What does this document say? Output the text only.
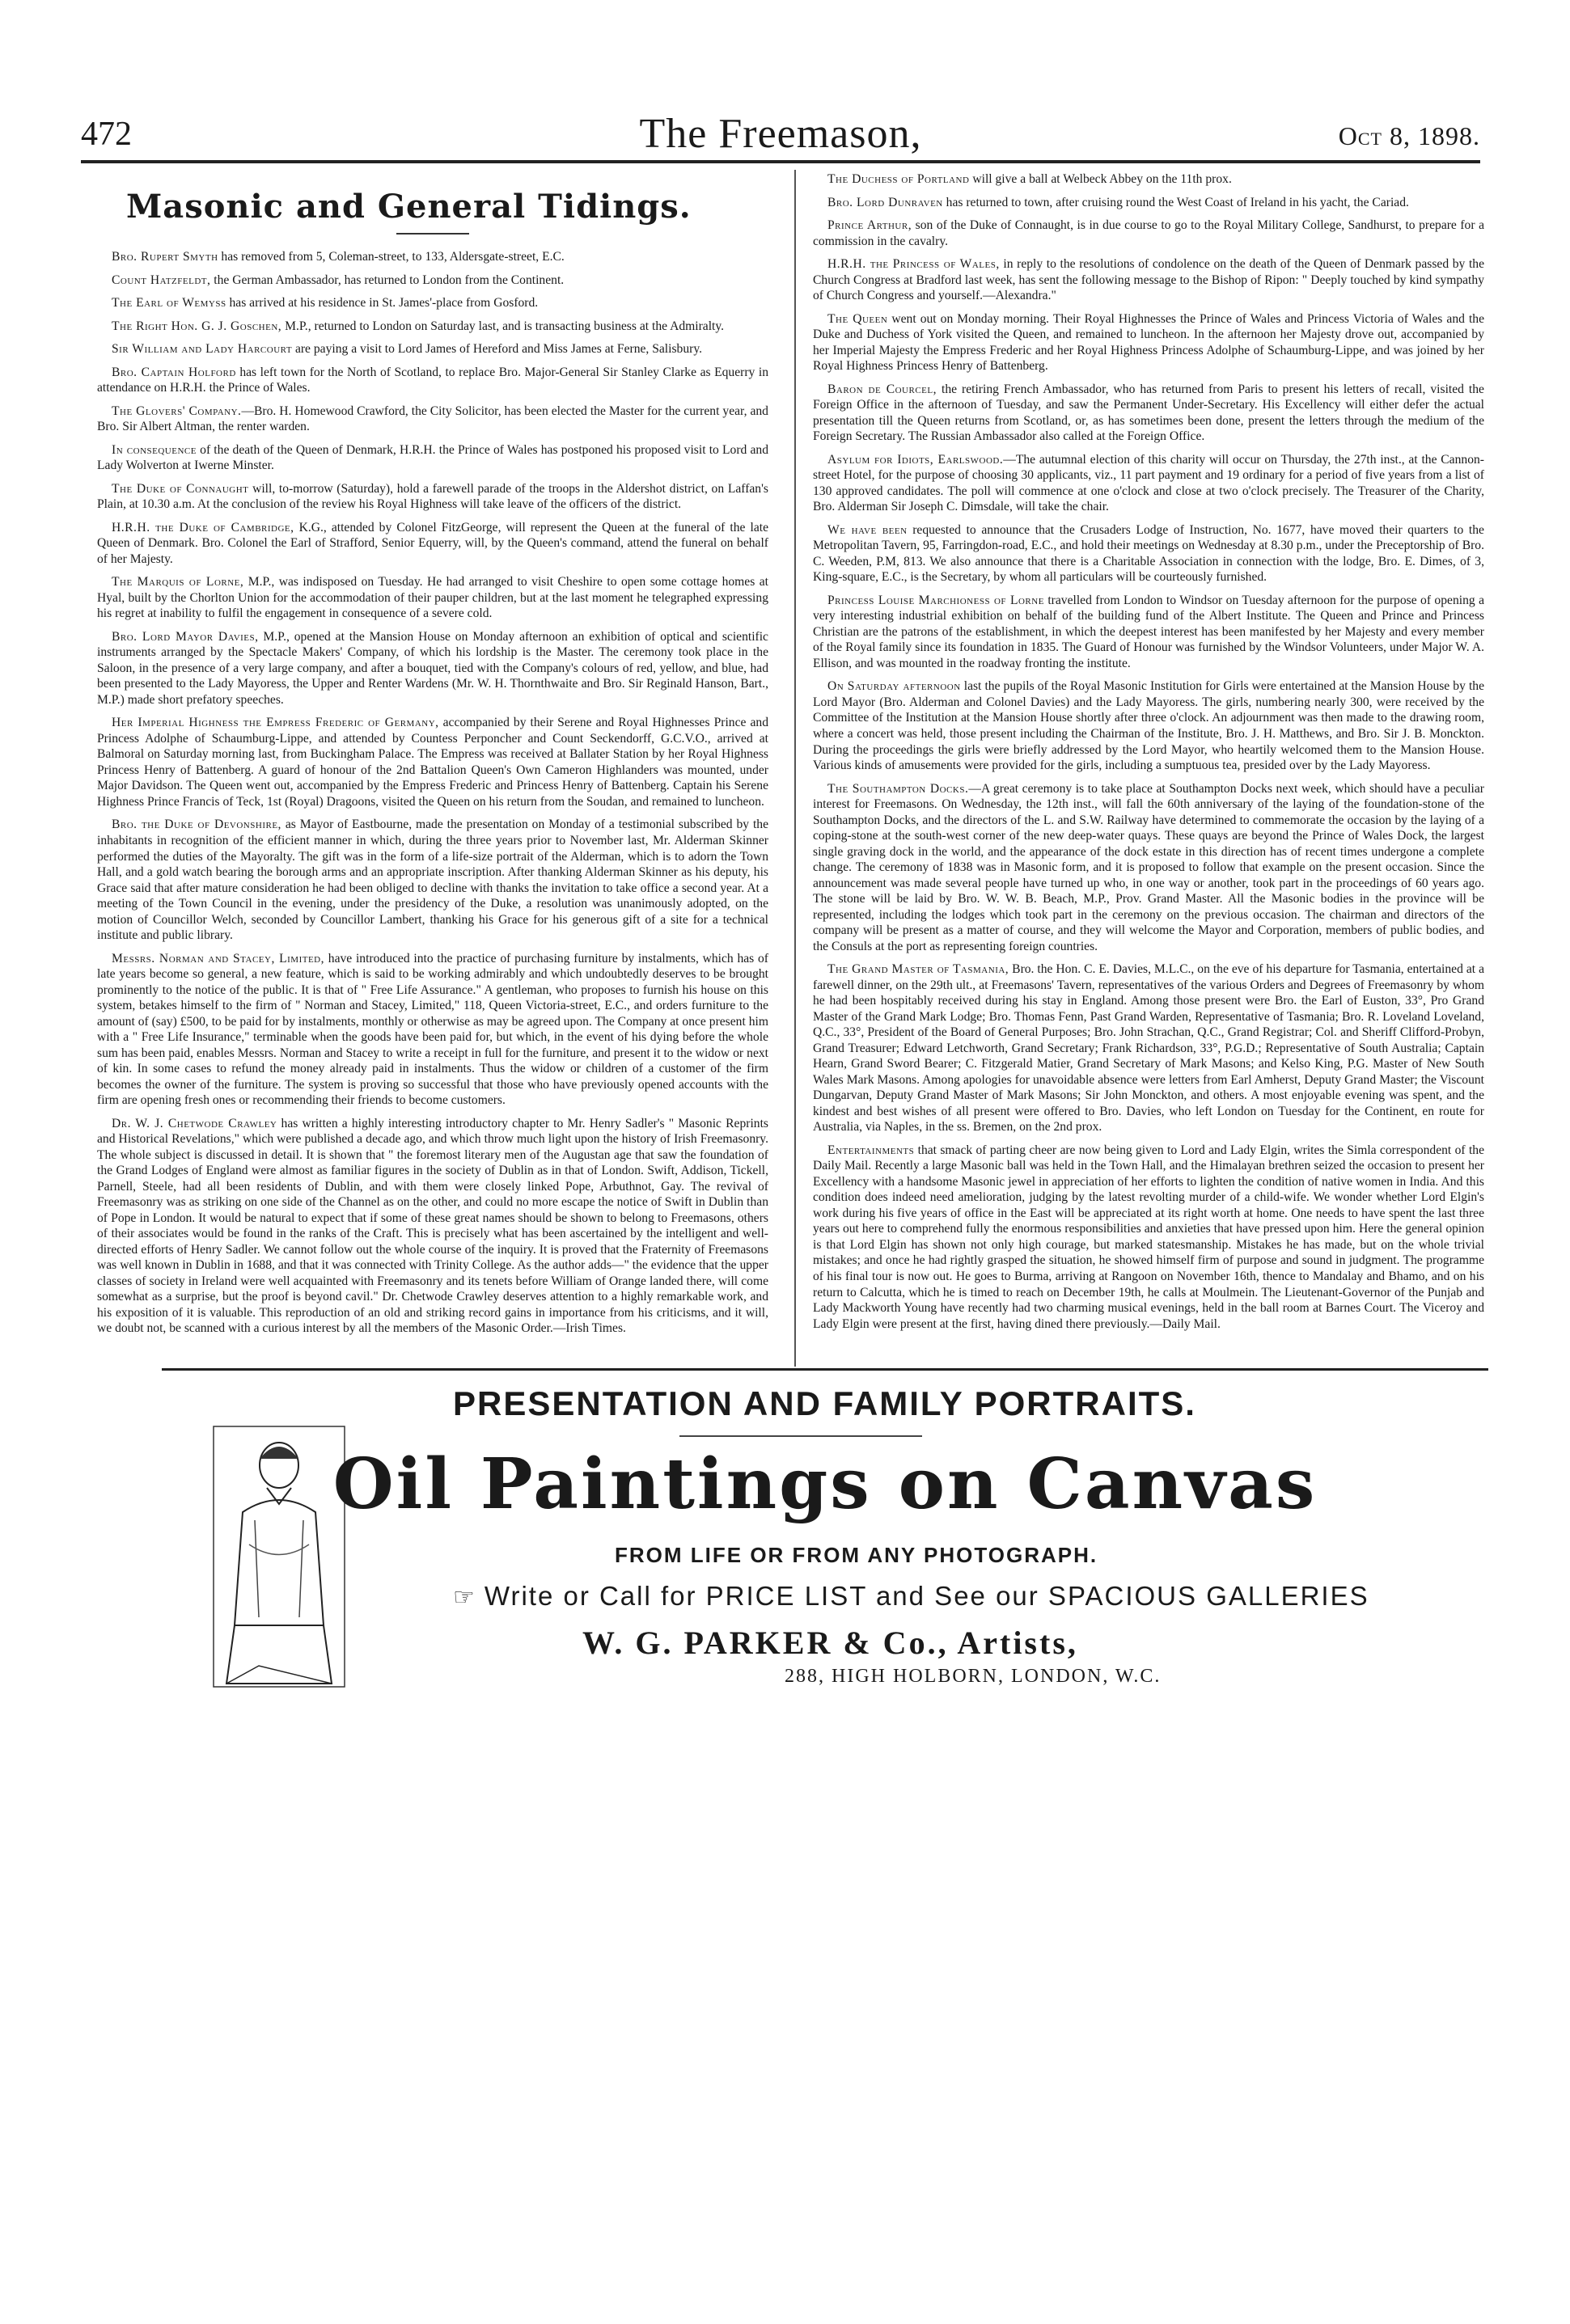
472	The Freemason,	Oct 8, 1898.
Masonic and General Tidings.

Bro. Rupert Smyth has removed from 5, Coleman-street, to 133, Aldersgate-street, E.C.

Count Hatzfeldt, the German Ambassador, has returned to London from the Continent.

The Earl of Wemyss has arrived at his residence in St. James'-place from Gosford.

The Right Hon. G. J. Goschen, M.P., returned to London on Saturday last, and is transacting business at the Admiralty.

Sir William and Lady Harcourt are paying a visit to Lord James of Hereford and Miss James at Ferne, Salisbury.

Bro. Captain Holford has left town for the North of Scotland, to replace Bro. Major-General Sir Stanley Clarke as Equerry in attendance on H.R.H. the Prince of Wales.

The Glovers' Company.—Bro. H. Homewood Crawford, the City Solicitor, has been elected the Master for the current year, and Bro. Sir Albert Altman, the renter warden.

In consequence of the death of the Queen of Denmark, H.R.H. the Prince of Wales has postponed his proposed visit to Lord and Lady Wolverton at Iwerne Minster.

The Duke of Connaught will, to-morrow (Saturday), hold a farewell parade of the troops in the Aldershot district, on Laffan's Plain, at 10.30 a.m. At the conclusion of the review his Royal Highness will take leave of the officers of the district.

H.R.H. the Duke of Cambridge, K.G., attended by Colonel FitzGeorge, will represent the Queen at the funeral of the late Queen of Denmark. Bro. Colonel the Earl of Strafford, Senior Equerry, will, by the Queen's command, attend the funeral on behalf of her Majesty.

The Marquis of Lorne, M.P., was indisposed on Tuesday. He had arranged to visit Cheshire to open some cottage homes at Hyal, built by the Chorlton Union for the accommodation of their pauper children, but at the last moment he telegraphed expressing his regret at inability to fulfil the engagement in consequence of a severe cold.

Bro. Lord Mayor Davies, M.P., opened at the Mansion House on Monday afternoon an exhibition of optical and scientific instruments arranged by the Spectacle Makers' Company, of which his lordship is the Master. The ceremony took place in the Saloon, in the presence of a very large company, and after a bouquet, tied with the Company's colours of red, yellow, and blue, had been presented to the Lady Mayoress, the Upper and Renter Wardens (Mr. W. H. Thornthwaite and Bro. Sir Reginald Hanson, Bart., M.P.) made short prefatory speeches.

Her Imperial Highness the Empress Frederic of Germany, accompanied by their Serene and Royal Highnesses Prince and Princess Adolphe of Schaumburg-Lippe, and attended by Countess Perponcher and Count Seckendorff, G.C.V.O., arrived at Balmoral on Saturday morning last, from Buckingham Palace. The Empress was received at Ballater Station by her Royal Highness Princess Henry of Battenberg. A guard of honour of the 2nd Battalion Queen's Own Cameron Highlanders was mounted, under Major Davidson. The Queen went out, accompanied by the Empress Frederic and Princess Henry of Battenberg. Captain his Serene Highness Prince Francis of Teck, 1st (Royal) Dragoons, visited the Queen on his return from the Soudan, and remained to luncheon.

Bro. the Duke of Devonshire, as Mayor of Eastbourne, made the presentation on Monday of a testimonial subscribed by the inhabitants in recognition of the efficient manner in which, during the three years prior to November last, Mr. Alderman Skinner performed the duties of the Mayoralty. The gift was in the form of a life-size portrait of the Alderman, which is to adorn the Town Hall, and a gold watch bearing the borough arms and an appropriate inscription. After thanking Alderman Skinner as his deputy, his Grace said that after mature consideration he had been obliged to decline with thanks the invitation to take office a second year. At a meeting of the Town Council in the evening, under the presidency of the Duke, a resolution was unanimously adopted, on the motion of Councillor Welch, seconded by Councillor Lambert, thanking his Grace for his generous gift of a site for a technical institute and public library.

Messrs. Norman and Stacey, Limited, have introduced into the practice of purchasing furniture by instalments, which has of late years become so general, a new feature, which is said to be working admirably and which undoubtedly deserves to be brought prominently to the notice of the public. It is that of " Free Life Assurance." A gentleman, who proposes to furnish his house on this system, betakes himself to the firm of " Norman and Stacey, Limited," 118, Queen Victoria-street, E.C., and orders furniture to the amount of (say) £500, to be paid for by instalments, monthly or otherwise as may be agreed upon. The Company at once present him with a " Free Life Insurance," terminable when the goods have been paid for, but which, in the event of his dying before the whole sum has been paid, enables Messrs. Norman and Stacey to write a receipt in full for the furniture, and present it to the widow or next of kin. In some cases to refund the money already paid in instalments. Thus the widow or children of a customer of the firm becomes the owner of the furniture. The system is proving so successful that those who have previously opened accounts with the firm are opening fresh ones or recommending their friends to become customers.

Dr. W. J. Chetwode Crawley has written a highly interesting introductory chapter to Mr. Henry Sadler's " Masonic Reprints and Historical Revelations," which were published a decade ago, and which throw much light upon the history of Irish Freemasonry. The whole subject is discussed in detail. It is shown that " the foremost literary men of the Augustan age that saw the foundation of the Grand Lodges of England were almost as familiar figures in the society of Dublin as in that of London. Swift, Addison, Tickell, Parnell, Steele, had all been residents of Dublin, and with them were closely linked Pope, Arbuthnot, Gay. The revival of Freemasonry was as striking on one side of the Channel as on the other, and could no more escape the notice of Swift in Dublin than of Pope in London. It would be natural to expect that if some of these great names should be shown to belong to Freemasons, others of their associates would be found in the ranks of the Craft. This is precisely what has been ascertained by the intelligent and well-directed efforts of Henry Sadler. We cannot follow out the whole course of the inquiry. It is proved that the Fraternity of Freemasons was well known in Dublin in 1688, and that it was connected with Trinity College. As the author adds—" the evidence that the upper classes of society in Ireland were well acquainted with Freemasonry and its tenets before William of Orange landed there, will come somewhat as a surprise, but the proof is beyond cavil." Dr. Chetwode Crawley deserves attention to a highly remarkable work, and his exposition of it is valuable. This reproduction of an old and striking record gains in importance from his criticisms, and it will, we doubt not, be scanned with a curious interest by all the members of the Masonic Order.—Irish Times.

The Duchess of Portland will give a ball at Welbeck Abbey on the 11th prox.

Bro. Lord Dunraven has returned to town, after cruising round the West Coast of Ireland in his yacht, the Cariad.

Prince Arthur, son of the Duke of Connaught, is in due course to go to the Royal Military College, Sandhurst, to prepare for a commission in the cavalry.

H.R.H. the Princess of Wales, in reply to the resolutions of condolence on the death of the Queen of Denmark passed by the Church Congress at Bradford last week, has sent the following message to the Bishop of Ripon: " Deeply touched by kind sympathy of Church Congress and yourself.—Alexandra."

The Queen went out on Monday morning. Their Royal Highnesses the Prince of Wales and Princess Victoria of Wales and the Duke and Duchess of York visited the Queen, and remained to luncheon. In the afternoon her Majesty drove out, accompanied by her Imperial Majesty the Empress Frederic and her Royal Highness Princess Adolphe of Schaumburg-Lippe, and was joined by her Royal Highness Princess Henry of Battenberg.

Baron de Courcel, the retiring French Ambassador, who has returned from Paris to present his letters of recall, visited the Foreign Office in the afternoon of Tuesday, and saw the Permanent Under-Secretary. His Excellency will either defer the actual presentation till the Queen returns from Scotland, or, as has sometimes been done, present the letters through the medium of the Foreign Secretary. The Russian Ambassador also called at the Foreign Office.

Asylum for Idiots, Earlswood.—The autumnal election of this charity will occur on Thursday, the 27th inst., at the Cannon-street Hotel, for the purpose of choosing 30 applicants, viz., 11 part payment and 19 ordinary for a period of five years from a list of 130 approved candidates. The poll will commence at one o'clock and close at two o'clock precisely. The Treasurer of the Charity, Bro. Alderman Sir Joseph C. Dimsdale, will take the chair.

We have been requested to announce that the Crusaders Lodge of Instruction, No. 1677, have moved their quarters to the Metropolitan Tavern, 95, Farringdon-road, E.C., and hold their meetings on Wednesday at 8.30 p.m., under the Preceptorship of Bro. C. Weeden, P.M, 813. We also announce that there is a Charitable Association in connection with the lodge, Bro. E. Dimes, of 3, King-square, E.C., is the Secretary, by whom all particulars will be courteously furnished.

Princess Louise Marchioness of Lorne travelled from London to Windsor on Tuesday afternoon for the purpose of opening a very interesting industrial exhibition on behalf of the building fund of the Albert Institute. The Queen and Prince and Princess Christian are the patrons of the establishment, in which the deepest interest has been manifested by her Majesty and every member of the Royal family since its foundation in 1835. The Guard of Honour was furnished by the Windsor Volunteers, under Major W. A. Ellison, and was mounted in the roadway fronting the institute.

On Saturday afternoon last the pupils of the Royal Masonic Institution for Girls were entertained at the Mansion House by the Lord Mayor (Bro. Alderman and Colonel Davies) and the Lady Mayoress. The girls, numbering nearly 300, were received by the Committee of the Institution at the Mansion House shortly after three o'clock. An adjournment was then made to the drawing room, where a concert was held, those present including the Chairman of the Institute, Bro. J. H. Matthews, and Bro. Sir J. B. Monckton. During the proceedings the girls were briefly addressed by the Lord Mayor, who heartily welcomed them to the Mansion House. Various kinds of amusements were provided for the girls, including a sumptuous tea, presided over by the Lady Mayoress.

The Southampton Docks.—A great ceremony is to take place at Southampton Docks next week, which should have a peculiar interest for Freemasons. On Wednesday, the 12th inst., will fall the 60th anniversary of the laying of the foundation-stone of the Southampton Docks, and the directors of the L. and S.W. Railway have determined to commemorate the occasion by the laying of a coping-stone at the south-west corner of the new deep-water quays. These quays are beyond the Prince of Wales Dock, the largest single graving dock in the world, and the appearance of the dock estate in this direction has of recent times undergone a complete change. The ceremony of 1838 was in Masonic form, and it is proposed to follow that example on the present occasion. Since the announcement was made several people have turned up who, in one way or another, took part in the proceedings of 60 years ago. The stone will be laid by Bro. W. W. B. Beach, M.P., Prov. Grand Master. All the Masonic bodies in the province will be represented, including the lodges which took part in the ceremony on the previous occasion. The chairman and directors of the company will be present as a matter of course, and they will welcome the Mayor and Corporation, members of public bodies, and the Consuls at the port as representing foreign countries.

The Grand Master of Tasmania, Bro. the Hon. C. E. Davies, M.L.C., on the eve of his departure for Tasmania, entertained at a farewell dinner, on the 29th ult., at Freemasons' Tavern, representatives of the various Orders and Degrees of Freemasonry by whom he had been hospitably received during his stay in England. Among those present were Bro. the Earl of Euston, 33°, Pro Grand Master of the Grand Mark Lodge; Bro. Thomas Fenn, Past Grand Warden, Representative of Tasmania; Bro. R. Loveland Loveland, Q.C., 33°, President of the Board of General Purposes; Bro. John Strachan, Q.C., Grand Registrar; Col. and Sheriff Clifford-Probyn, Grand Treasurer; Edward Letchworth, Grand Secretary; Frank Richardson, 33°, P.G.D.; Representative of South Australia; Captain Hearn, Grand Sword Bearer; C. Fitzgerald Matier, Grand Secretary of Mark Masons; and Kelso King, P.G. Master of New South Wales Mark Masons. Among apologies for unavoidable absence were letters from Earl Amherst, Deputy Grand Master; the Viscount Dungarvan, Deputy Grand Master of Mark Masons; Sir John Monckton, and others. A most enjoyable evening was spent, and the kindest and best wishes of all present were offered to Bro. Davies, who left London on Tuesday for the Continent, en route for Australia, via Naples, in the ss. Bremen, on the 2nd prox.

Entertainments that smack of parting cheer are now being given to Lord and Lady Elgin, writes the Simla correspondent of the Daily Mail. Recently a large Masonic ball was held in the Town Hall, and the Himalayan brethren seized the occasion to present her Excellency with a handsome Masonic jewel in appreciation of her efforts to lighten the condition of native women in India. And this condition does indeed need amelioration, judging by the latest revolting murder of a child-wife. We wonder whether Lord Elgin's work during his five years of office in the East will be appreciated at its right worth at home. One needs to have spent the last three years out here to comprehend fully the enormous responsibilities and anxieties that have pressed upon him. Here the general opinion is that Lord Elgin has shown not only high courage, but marked statesmanship. Mistakes he has made, but on the whole trivial mistakes; and once he had rightly grasped the situation, he showed himself firm of purpose and sound in judgment. The programme of his final tour is now out. He goes to Burma, arriving at Rangoon on November 16th, thence to Mandalay and Bhamo, and on his return to Calcutta, which he is timed to reach on December 19th, he calls at Moulmein. The Lieutenant-Governor of the Punjab and Lady Mackworth Young have recently had two charming musical evenings, held in the ball room at Barnes Court. The Viceroy and Lady Elgin were present at the first, having dined there previously.—Daily Mail.

PRESENTATION AND FAMILY PORTRAITS.
Oil Paintings on Canvas
FROM LIFE OR FROM ANY PHOTOGRAPH.
☞ Write or Call for PRICE LIST and See our SPACIOUS GALLERIES
W. G. PARKER & Co., Artists,
288, HIGH HOLBORN, LONDON, W.C.
